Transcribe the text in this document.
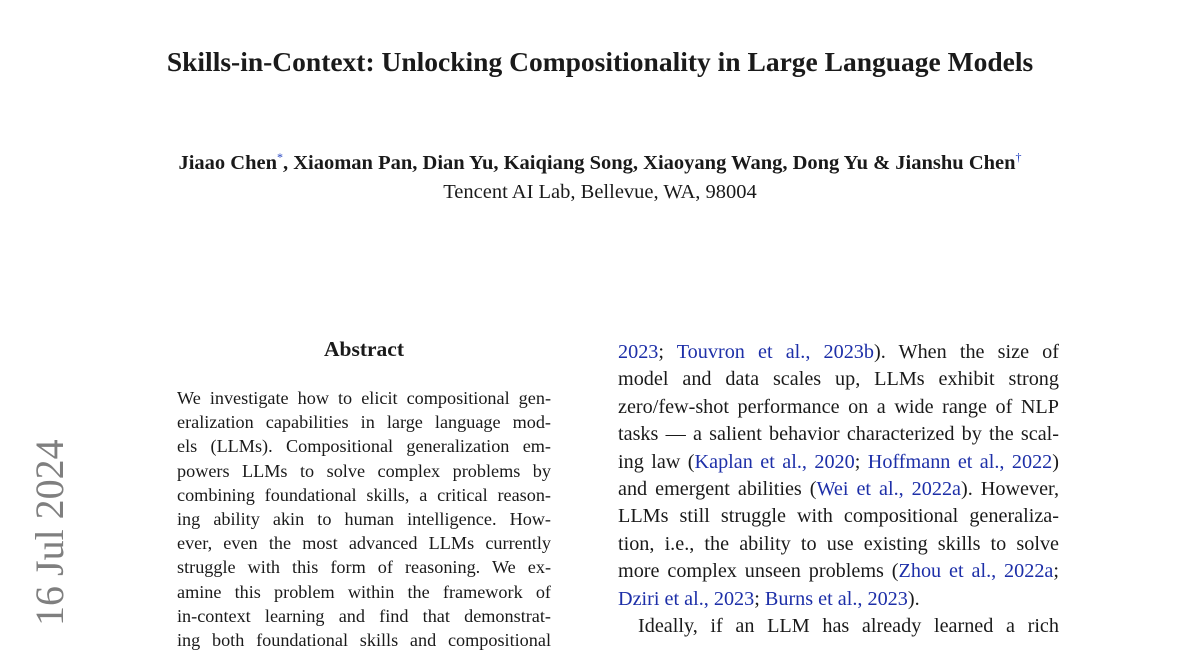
Skills-in-Context: Unlocking Compositionality in Large Language Models
Jiaao Chen*, Xiaoman Pan, Dian Yu, Kaiqiang Song, Xiaoyang Wang, Dong Yu & Jianshu Chen†
Tencent AI Lab, Bellevue, WA, 98004
16 Jul 2024
Abstract
We investigate how to elicit compositional gen-
eralization capabilities in large language mod-
els (LLMs). Compositional generalization em-
powers LLMs to solve complex problems by
combining foundational skills, a critical reason-
ing ability akin to human intelligence. How-
ever, even the most advanced LLMs currently
struggle with this form of reasoning. We ex-
amine this problem within the framework of
in-context learning and find that demonstrat-
ing both foundational skills and compositional
2023; Touvron et al., 2023b). When the size of
model and data scales up, LLMs exhibit strong
zero/few-shot performance on a wide range of NLP
tasks — a salient behavior characterized by the scal-
ing law (Kaplan et al., 2020; Hoffmann et al., 2022)
and emergent abilities (Wei et al., 2022a). However,
LLMs still struggle with compositional generaliza-
tion, i.e., the ability to use existing skills to solve
more complex unseen problems (Zhou et al., 2022a;
Dziri et al., 2023; Burns et al., 2023).
Ideally, if an LLM has already learned a rich
